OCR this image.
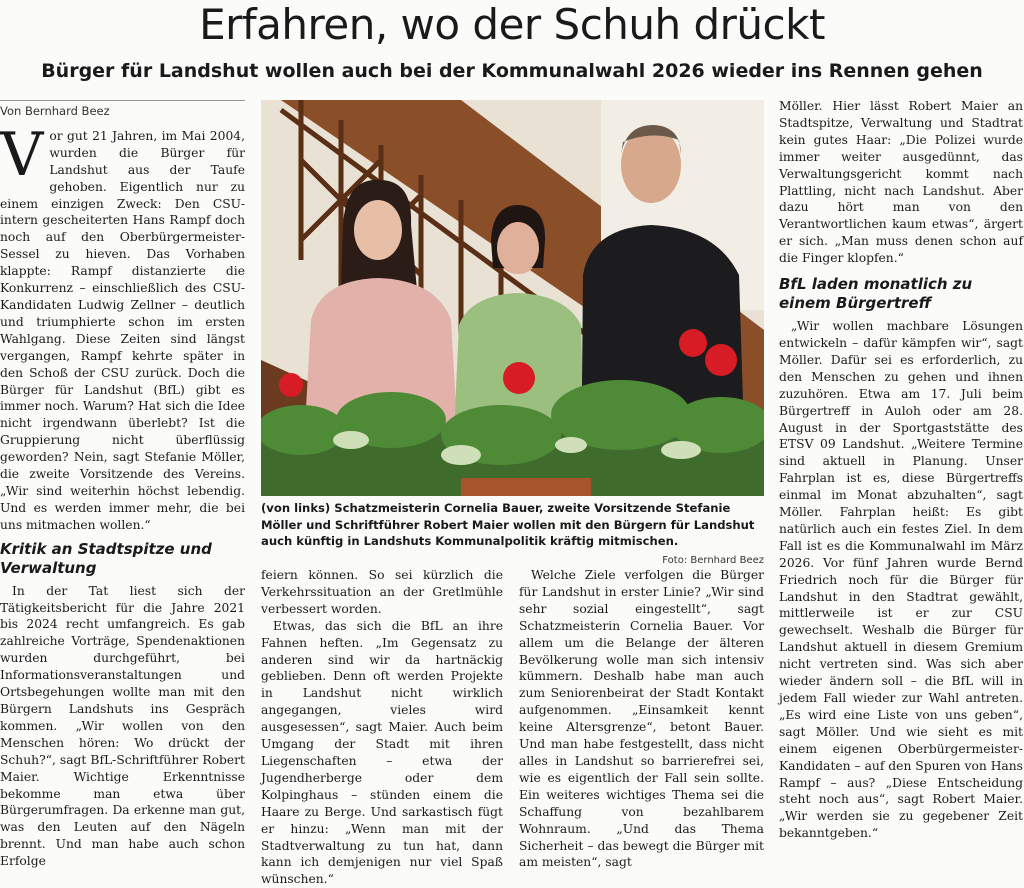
Erfahren, wo der Schuh drückt
Bürger für Landshut wollen auch bei der Kommunalwahl 2026 wieder ins Rennen gehen
Von Bernhard Beez
V or gut 21 Jahren, im Mai 2004, wurden die Bürger für Landshut aus der Taufe gehoben. Eigentlich nur zu einem einzigen Zweck: Den CSU-intern gescheiterten Hans Rampf doch noch auf den Oberbürgermeister-Sessel zu hieven. Das Vorhaben klappte: Rampf distanzierte die Konkurrenz – einschließlich des CSU-Kandidaten Ludwig Zellner – deutlich und triumphierte schon im ersten Wahlgang. Diese Zeiten sind längst vergangen, Rampf kehrte später in den Schoß der CSU zurück. Doch die Bürger für Landshut (BfL) gibt es immer noch. Warum? Hat sich die Idee nicht irgendwann überlebt? Ist die Gruppierung nicht überflüssig geworden? Nein, sagt Stefanie Möller, die zweite Vorsitzende des Vereins. „Wir sind weiterhin höchst lebendig. Und es werden immer mehr, die bei uns mitmachen wollen.“

Kritik an Stadtspitze und Verwaltung

In der Tat liest sich der Tätigkeitsbericht für die Jahre 2021 bis 2024 recht umfangreich. Es gab zahlreiche Vorträge, Spendenaktionen wurden durchgeführt, bei Informationsveranstaltungen und Ortsbegehungen wollte man mit den Bürgern Landshuts ins Gespräch kommen. „Wir wollen von den Menschen hören: Wo drückt der Schuh?“, sagt BfL-Schriftführer Robert Maier. Wichtige Erkenntnisse bekomme man etwa über Bürgerumfragen. Da erkenne man gut, was den Leuten auf den Nägeln brennt. Und man habe auch schon Erfolge

(von links) Schatzmeisterin Cornelia Bauer, zweite Vorsitzende Stefanie Möller und Schriftführer Robert Maier wollen mit den Bürgern für Landshut auch künftig in Landshuts Kommunalpolitik kräftig mitmischen.
Foto: Bernhard Beez

feiern können. So sei kürzlich die Verkehrssituation an der Gretlmühle verbessert worden.

Etwas, das sich die BfL an ihre Fahnen heften. „Im Gegensatz zu anderen sind wir da hartnäckig geblieben. Denn oft werden Projekte in Landshut nicht wirklich angegangen, vieles wird ausgesessen“, sagt Maier. Auch beim Umgang der Stadt mit ihren Liegenschaften – etwa der Jugendherberge oder dem Kolpinghaus – stünden einem die Haare zu Berge. Und sarkastisch fügt er hinzu: „Wenn man mit der Stadtverwaltung zu tun hat, dann kann ich demjenigen nur viel Spaß wünschen.“

Welche Ziele verfolgen die Bürger für Landshut in erster Linie? „Wir sind sehr sozial eingestellt“, sagt Schatzmeisterin Cornelia Bauer. Vor allem um die Belange der älteren Bevölkerung wolle man sich intensiv kümmern. Deshalb habe man auch zum Seniorenbeirat der Stadt Kontakt aufgenommen. „Einsamkeit kennt keine Altersgrenze“, betont Bauer. Und man habe festgestellt, dass nicht alles in Landshut so barrierefrei sei, wie es eigentlich der Fall sein sollte. Ein weiteres wichtiges Thema sei die Schaffung von bezahlbarem Wohnraum. „Und das Thema Sicherheit – das bewegt die Bürger mit am meisten“, sagt

Möller. Hier lässt Robert Maier an Stadtspitze, Verwaltung und Stadtrat kein gutes Haar: „Die Polizei wurde immer weiter ausgedünnt, das Verwaltungsgericht kommt nach Plattling, nicht nach Landshut. Aber dazu hört man von den Verantwortlichen kaum etwas“, ärgert er sich. „Man muss denen schon auf die Finger klopfen.“

BfL laden monatlich zu einem Bürgertreff

„Wir wollen machbare Lösungen entwickeln – dafür kämpfen wir“, sagt Möller. Dafür sei es erforderlich, zu den Menschen zu gehen und ihnen zuzuhören. Etwa am 17. Juli beim Bürgertreff in Auloh oder am 28. August in der Sportgaststätte des ETSV 09 Landshut. „Weitere Termine sind aktuell in Planung. Unser Fahrplan ist es, diese Bürgertreffs einmal im Monat abzuhalten“, sagt Möller. Fahrplan heißt: Es gibt natürlich auch ein festes Ziel. In dem Fall ist es die Kommunalwahl im März 2026. Vor fünf Jahren wurde Bernd Friedrich noch für die Bürger für Landshut in den Stadtrat gewählt, mittlerweile ist er zur CSU gewechselt. Weshalb die Bürger für Landshut aktuell in diesem Gremium nicht vertreten sind. Was sich aber wieder ändern soll – die BfL will in jedem Fall wieder zur Wahl antreten. „Es wird eine Liste von uns geben“, sagt Möller. Und wie sieht es mit einem eigenen Oberbürgermeister-Kandidaten – auf den Spuren von Hans Rampf – aus? „Diese Entscheidung steht noch aus“, sagt Robert Maier. „Wir werden sie zu gegebener Zeit bekanntgeben.“
